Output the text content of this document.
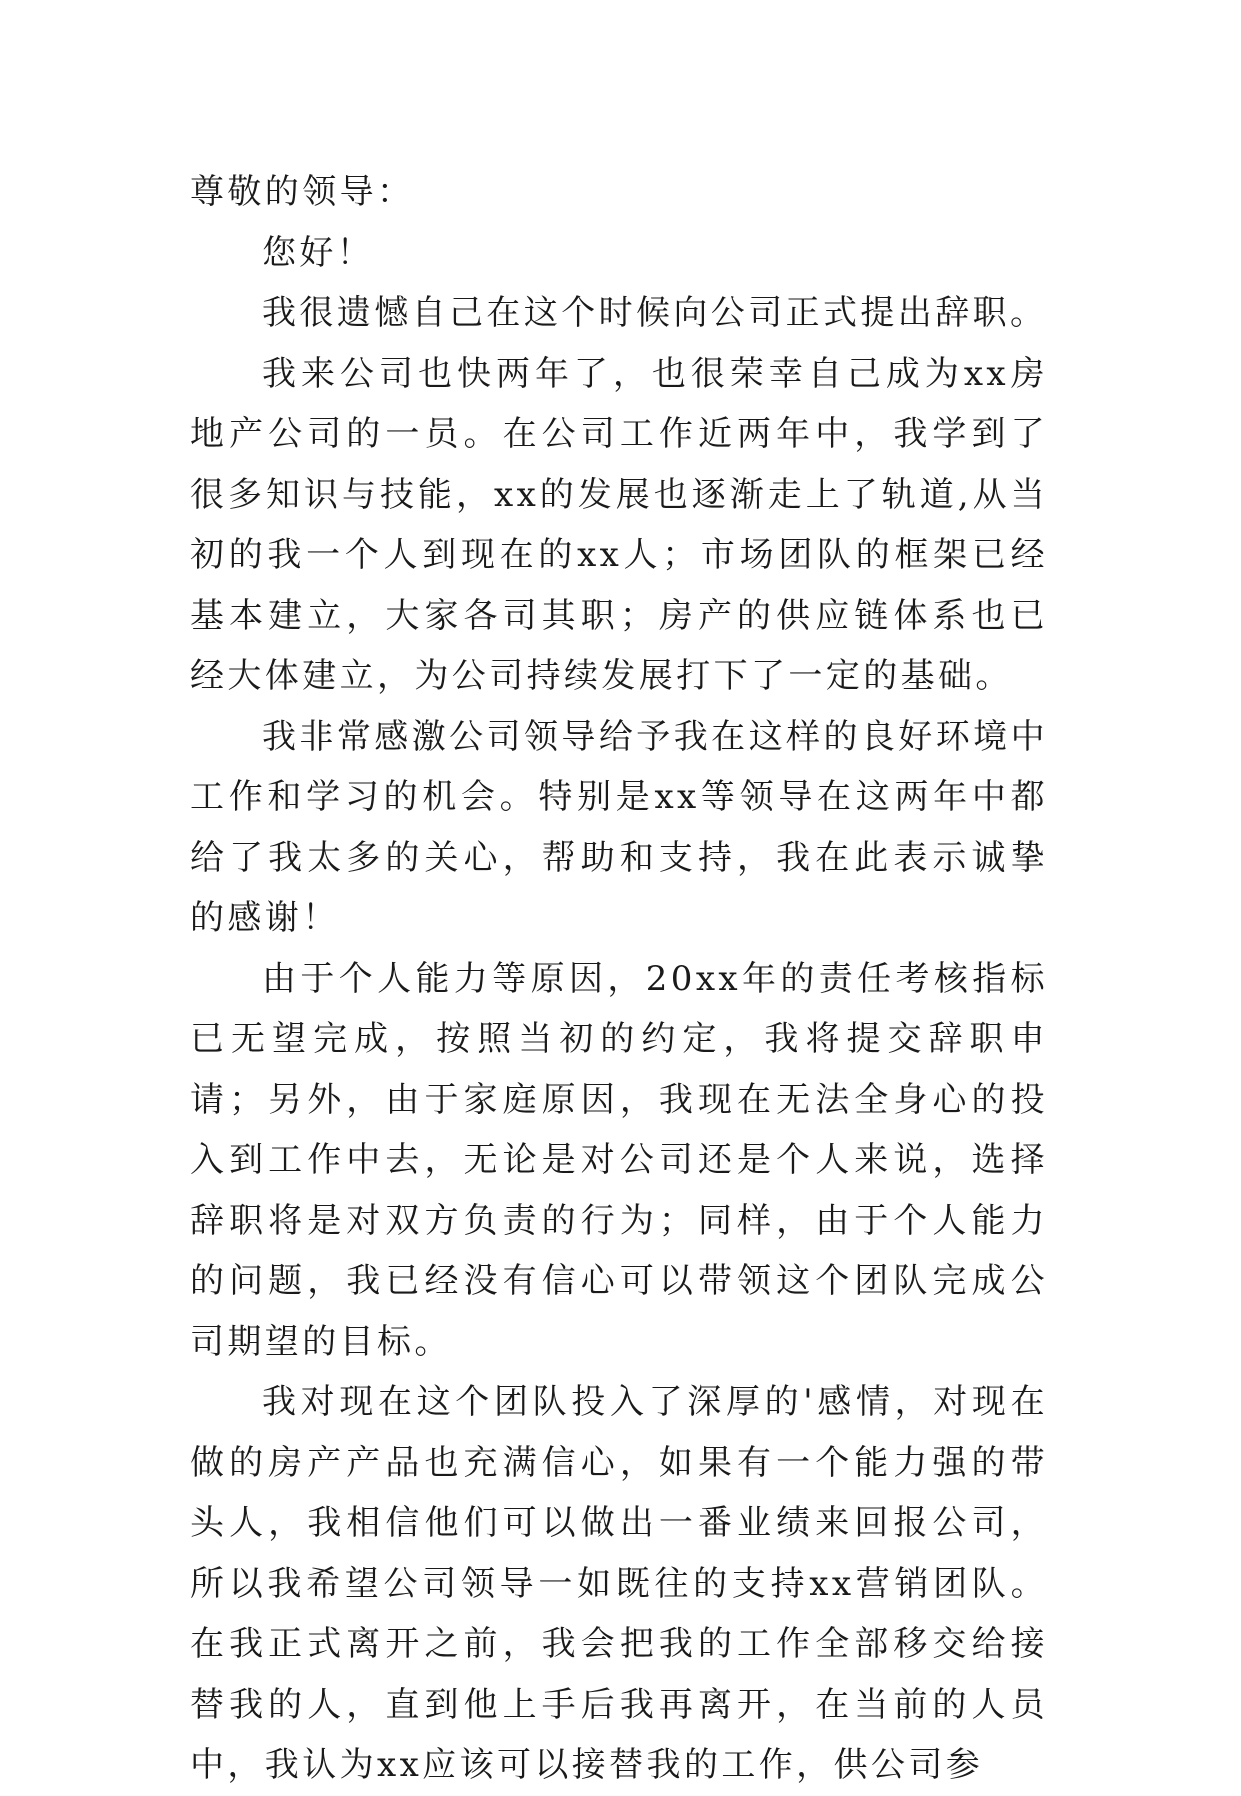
尊敬的领导：

您好！

我很遗憾自己在这个时候向公司正式提出辞职。

我来公司也快两年了，也很荣幸自己成为xx房地产公司的一员。在公司工作近两年中，我学到了很多知识与技能，xx的发展也逐渐走上了轨道,从当初的我一个人到现在的xx人；市场团队的框架已经基本建立，大家各司其职；房产的供应链体系也已经大体建立，为公司持续发展打下了一定的基础。

我非常感激公司领导给予我在这样的良好环境中工作和学习的机会。特别是xx等领导在这两年中都给了我太多的关心，帮助和支持，我在此表示诚挚的感谢！

由于个人能力等原因，20xx年的责任考核指标已无望完成，按照当初的约定，我将提交辞职申请；另外，由于家庭原因，我现在无法全身心的投入到工作中去，无论是对公司还是个人来说，选择辞职将是对双方负责的行为；同样，由于个人能力的问题，我已经没有信心可以带领这个团队完成公司期望的目标。

我对现在这个团队投入了深厚的'感情，对现在做的房产产品也充满信心，如果有一个能力强的带头人，我相信他们可以做出一番业绩来回报公司，所以我希望公司领导一如既往的支持xx营销团队。在我正式离开之前，我会把我的工作全部移交给接替我的人，直到他上手后我再离开，在当前的人员中，我认为xx应该可以接替我的工作，供公司参
